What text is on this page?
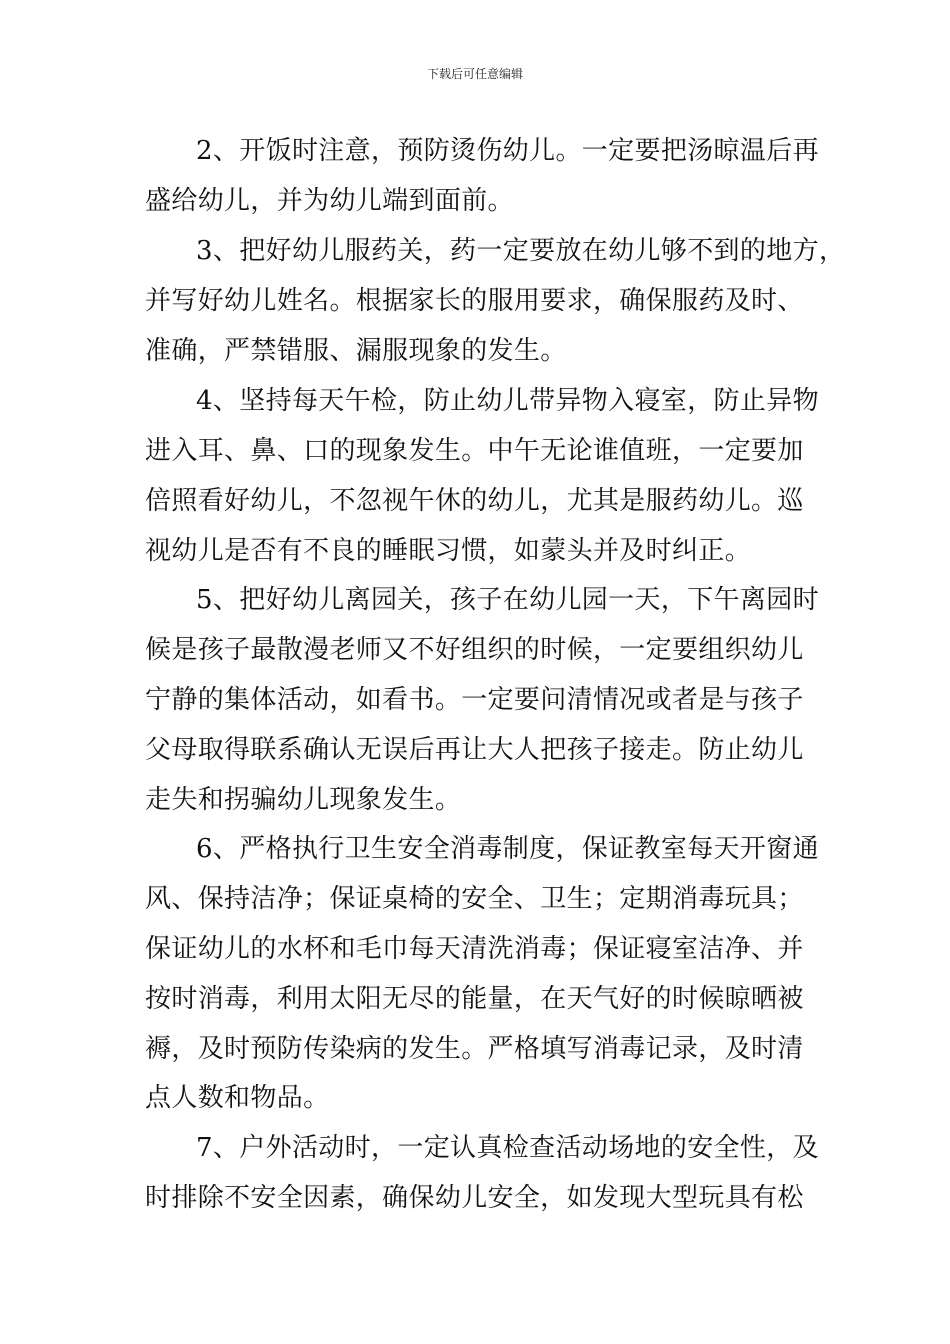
下载后可任意编辑
2、开饭时注意，预防烫伤幼儿。一定要把汤晾温后再
盛给幼儿，并为幼儿端到面前。
3、把好幼儿服药关，药一定要放在幼儿够不到的地方，
并写好幼儿姓名。根据家长的服用要求，确保服药及时、
准确，严禁错服、漏服现象的发生。
4、坚持每天午检，防止幼儿带异物入寝室，防止异物
进入耳、鼻、口的现象发生。中午无论谁值班，一定要加
倍照看好幼儿，不忽视午休的幼儿，尤其是服药幼儿。巡
视幼儿是否有不良的睡眠习惯，如蒙头并及时纠正。
5、把好幼儿离园关，孩子在幼儿园一天，下午离园时
候是孩子最散漫老师又不好组织的时候，一定要组织幼儿
宁静的集体活动，如看书。一定要问清情况或者是与孩子
父母取得联系确认无误后再让大人把孩子接走。防止幼儿
走失和拐骗幼儿现象发生。
6、严格执行卫生安全消毒制度，保证教室每天开窗通
风、保持洁净；保证桌椅的安全、卫生；定期消毒玩具；
保证幼儿的水杯和毛巾每天清洗消毒；保证寝室洁净、并
按时消毒，利用太阳无尽的能量，在天气好的时候晾晒被
褥，及时预防传染病的发生。严格填写消毒记录，及时清
点人数和物品。
7、户外活动时，一定认真检查活动场地的安全性，及
时排除不安全因素，确保幼儿安全，如发现大型玩具有松
